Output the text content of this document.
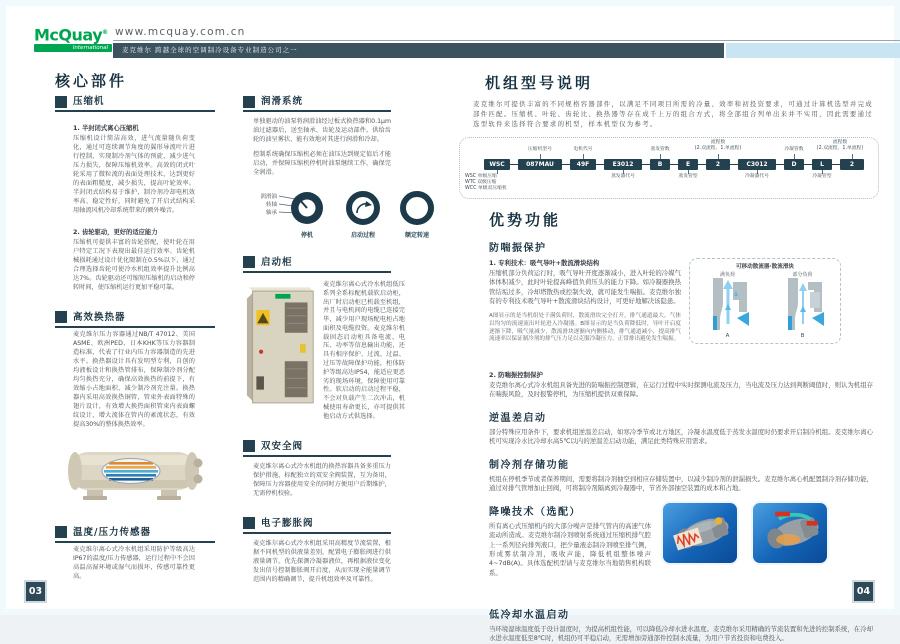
McQuay®
International
www.mcquay.com.cn
麦克维尔 跨越全球的空调制冷设备专业制造公司之一
核心部件
压缩机

1. 半封闭式离心压缩机

压缩机设计简洁高效，进气流量随负荷变化，通过可连续调节角度的翼形导流叶片进行控制，实现制冷剂气体的预旋，减少进气压力损失，保障压缩机效率。高效的闭式叶轮采用了微粒流的表面处理技术，达到更好的表面粗糙度，减少损失，提高叶轮效率。半封闭式结构易于维护，制冷剂冷却电机效率高、稳定性好，同时避免了开启式结构采用轴流风机冷却系统带来的额外噪音。

2. 齿轮驱动，更好的适应能力

压缩机可提供丰富的齿轮搭配，使叶轮在用户特定工况下表现出最佳运行效率。齿轮机械损耗通过设计优化限制在0.5%以下，通过合理选择齿轮可使冷水机组效率提升比例高达7%。齿轮驱动还可缩短压缩机的启动和停转时间，使压缩机运行更加平稳可靠。

高效换热器

麦克维尔压力容器通过NB/T 47012、美国ASME、欧洲PED、日本KHK等压力容器制造标准，代表了行业内压力容器制造的先进水平。换热器设计具有发明型专利，自创的均液板设计和换热管排布，保障制冷剂分配均匀换热充分，确保高效换热的前提下，有效缩小占地面积、减少制冷剂充注量。换热器内采用高效换热铜管，管束外表面特殊的翅片设计，有效增大换热面积管束内表面螺纹设计，增大流体在管内的紊流状态，有效提高30%的整体换热效率。

温度/压力传感器

麦克维尔离心式冷水机组采用防护等级高达IP67的温度/压力传感器，运行过程中不会因高温高湿环境或湿气而损坏，传感可靠性更高。

润滑系统

单独驱动的油泵将润滑油经过板式换热器和0.1μm油过滤器后，送至轴承、齿轮及运动部件。供给齿轮的油呈雾状，能有效地对其进行润滑和冷却。

控制系统确保压缩机必须在油压达到规定值后才能启动，并保障压缩机停机时油泵继续工作，确保完全润滑。

润滑油
转轴
轴承
停机	启动过程	额定转速
启动柜

麦克维尔离心式冷水机组低压系列全系标配机载软启动柜，出厂时启动柜已机载至机组，并且与电机间的电缆已连接完毕，减少用户现场配电柜占地面积及电缆投资。麦克维尔机载固态启动柜具备电流、电压、功率等信息输出功能，还具有相序保护、过流、过温、过压等故障保护功能，柜体防护等级高达IP54，能适应更恶劣的现场环境，保障使用可靠性。软启动的启动过程平稳，不会对负载产生二次冲击，机械使用寿命更长，亦可提供其他启动方式供选择。

双安全阀

麦克维尔离心式冷水机组的换热容器具备多重压力保护措施，标配独立的双安全阀装置，互为备用，保障压力容器使用安全的同时方便用户后期维护，无需停机校验。

电子膨胀阀

麦克维尔离心式冷水机组采用高精度节流装置，根据不同机型的供液量差别，配置电子膨胀阀进行供液量调节。优先探测冷凝器液位，再根据液位变化发出信号控制膨胀阀开启度，从而实现全能量调节范围内的精确调节，提升机组效率及可靠性。

机组型号说明

麦克维尔可提供丰富的不同规格容器部件，以满足不同项目所需的冷量、效率和初投资要求，可通过计算机选型并完成部件匹配。压缩机、叶轮、齿轮比、换热器等存在成千上万的组合方式，将全部组合列单出来并不实用，因此需要通过选型软件来选择符合要求的机型，样本机型仅为参考。

WSC	087MAU	49F	E3012	B	E	2	C3012	D	L	2
压缩机型号	电机代号	蒸发管数
流程数
(2.双流程、1.单流程)	冷凝管数
流程数
(2.双流程、1.单流程)
WSC 单级压缩
WTC 双级压缩
WCC 单级双压缩机
蒸发器代号	蒸发管型	冷凝器代号	冷凝管型
优势功能
防喘振保护

1. 专利技术：吸气导叶+散流滑块结构

压缩机部分负荷运行时，吸气导叶开度逐渐减小，进入叶轮的冷媒气体体积减少，此时叶轮提高峰值负荷压头的能力下降。如冷凝器换热管结垢过多，冷却塔散热或控制失效，就可能发生喘振。麦克维尔独有的专利技术吸气导叶+散流滑块结构设计，可更好地解决该隐患。

A图显示的是当机组处于满负荷时，散流滑块完全打开，排气通道最大，气体以均匀的流速流出叶轮进入冷凝器。B图显示的是当负荷降低时，导叶开启度逐渐下降，吸气量减少，散流滑块逐渐向内侧移动，排气通道减小，提高排气流速率以保证制冷剂的排气压力足以克服冷凝压力，正常排出避免发生喘振。

可移动散流器·散流滑块
满负荷
A
部分负荷
B

2. 防喘振控制保护

麦克维尔离心式冷水机组具备先进的防喘振控制逻辑，在运行过程中实时探测电流及压力，当电流及压力达到判断阈值时，则认为机组存在喘振风险，及时报警停机，为压缩机提供双重保障。

逆温差启动

部分特殊应用条件下，要求机组逆温差启动，如寒冷季节或北方地区，冷凝水温度低于蒸发水温度时仍要求开启制冷机组。麦克维尔离心机可实现冷水比冷却水高5℃以内的逆温差启动功能，满足此类特殊应用需求。

制冷剂存储功能

机组在停机季节或者保养期间，需要将制冷剂抽空到相应存储装置中，以减少制冷剂的泄漏损失。麦克维尔离心机配置制冷剂存储功能，通过对排气管增加止回阀，可将制冷剂隔离到冷凝器中，节省外部抽空装置的成本和占地。

降噪技术（选配）

所有离心式压缩机内的大部分噪声是排气管内的高速气体流动所造成。麦克维尔制冷剂喷射系统通过压缩机排气腔上一系列径向排列液口，把少量液态制冷剂喷至排气侧，形成雾状制冷剂，吸收声能，降低机组整体噪声4~7dB(A)。具体选配机型请与麦克维尔当地销售机构联系。

低冷却水温启动

当环境湿球温度低于设计温度时，为提高机组性能，可以降低冷却水进水温度。麦克维尔采用精确的节流装置和先进的控制系统，在冷却水进水温度低至8℃时，机组仍可平稳启动，无需增加旁通部件控制水流量，为用户节省投资和电费投入。

03	04
